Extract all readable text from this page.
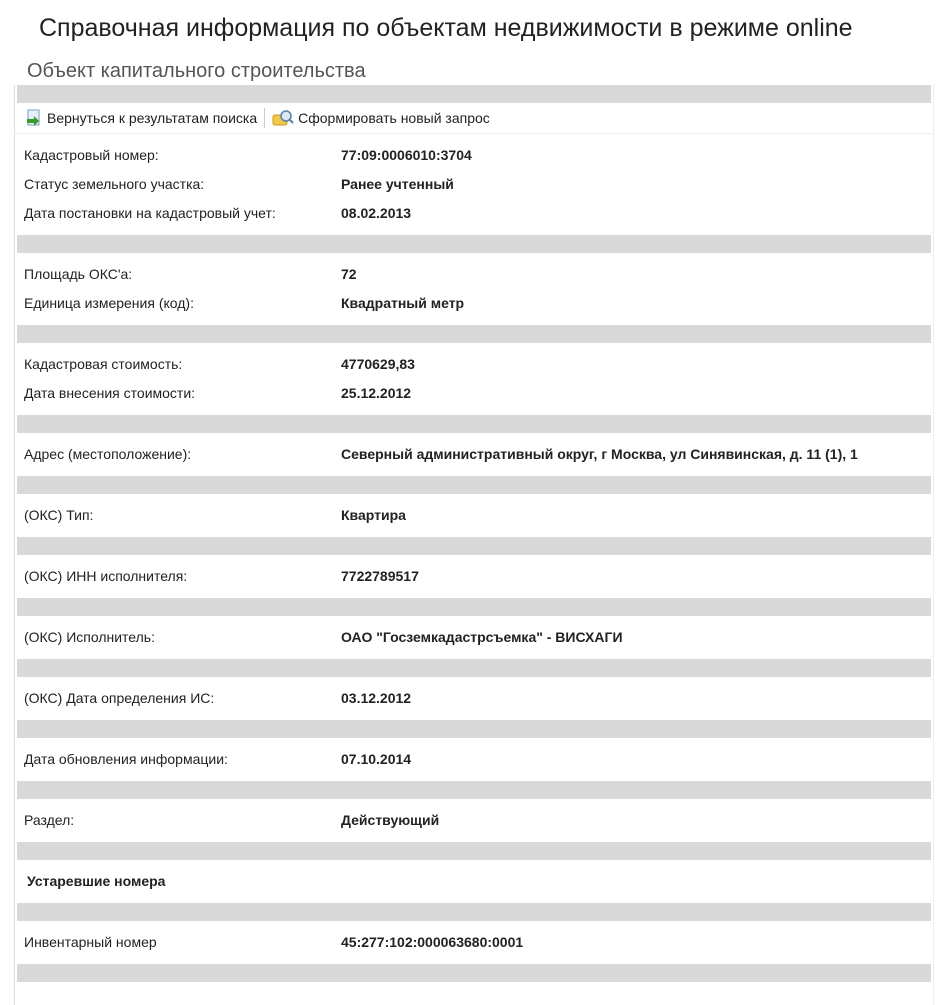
Справочная информация по объектам недвижимости в режиме online
Объект капитального строительства
Вернуться к результатам поиска	Сформировать новый запрос
Кадастровый номер:	77:09:0006010:3704
Статус земельного участка:	Ранее учтенный
Дата постановки на кадастровый учет:	08.02.2013
Площадь ОКС'а:	72
Единица измерения (код):	Квадратный метр
Кадастровая стоимость:	4770629,83
Дата внесения стоимости:	25.12.2012
Адрес (местоположение):	Северный административный округ, г Москва, ул Синявинская, д. 11 (1), 1
(ОКС) Тип:	Квартира
(ОКС) ИНН исполнителя:	7722789517
(ОКС) Исполнитель:	ОАО "Госземкадастрсъемка" - ВИСХАГИ
(ОКС) Дата определения ИС:	03.12.2012
Дата обновления информации:	07.10.2014
Раздел:	Действующий
Устаревшие номера
Инвентарный номер	45:277:102:000063680:0001
